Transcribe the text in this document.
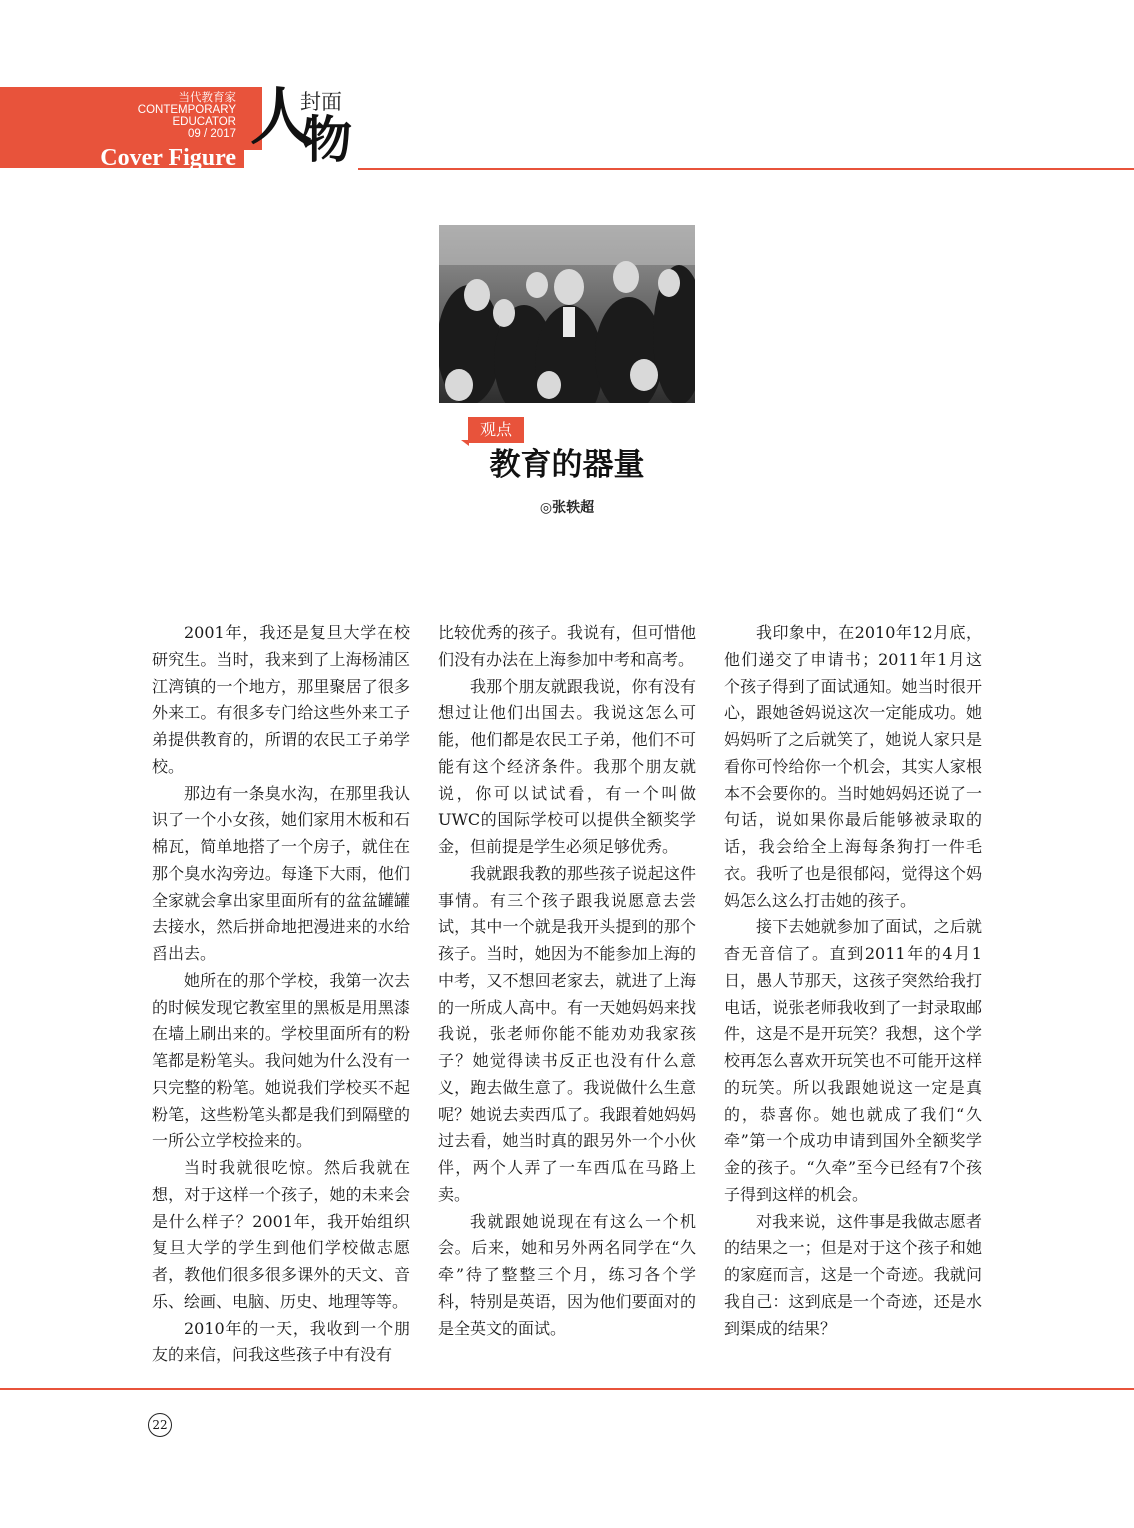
当代教育家
CONTEMPORARY
EDUCATOR
09 / 2017
Cover Figure
人
封面
物
观点
教育的器量
◎张轶超

2001年，我还是复旦大学在校研究生。当时，我来到了上海杨浦区江湾镇的一个地方，那里聚居了很多外来工。有很多专门给这些外来工子弟提供教育的，所谓的农民工子弟学校。

那边有一条臭水沟，在那里我认识了一个小女孩，她们家用木板和石棉瓦，简单地搭了一个房子，就住在那个臭水沟旁边。每逢下大雨，他们全家就会拿出家里面所有的盆盆罐罐去接水，然后拼命地把漫进来的水给舀出去。

她所在的那个学校，我第一次去的时候发现它教室里的黑板是用黑漆在墙上刷出来的。学校里面所有的粉笔都是粉笔头。我问她为什么没有一只完整的粉笔。她说我们学校买不起粉笔，这些粉笔头都是我们到隔壁的一所公立学校捡来的。

当时我就很吃惊。然后我就在想，对于这样一个孩子，她的未来会是什么样子？2001年，我开始组织复旦大学的学生到他们学校做志愿者，教他们很多很多课外的天文、音乐、绘画、电脑、历史、地理等等。

2010年的一天，我收到一个朋友的来信，问我这些孩子中有没有

比较优秀的孩子。我说有，但可惜他们没有办法在上海参加中考和高考。

我那个朋友就跟我说，你有没有想过让他们出国去。我说这怎么可能，他们都是农民工子弟，他们不可能有这个经济条件。我那个朋友就说，你可以试试看，有一个叫做UWC的国际学校可以提供全额奖学金，但前提是学生必须足够优秀。

我就跟我教的那些孩子说起这件事情。有三个孩子跟我说愿意去尝试，其中一个就是我开头提到的那个孩子。当时，她因为不能参加上海的中考，又不想回老家去，就进了上海的一所成人高中。有一天她妈妈来找我说，张老师你能不能劝劝我家孩子？她觉得读书反正也没有什么意义，跑去做生意了。我说做什么生意呢？她说去卖西瓜了。我跟着她妈妈过去看，她当时真的跟另外一个小伙伴，两个人弄了一车西瓜在马路上卖。

我就跟她说现在有这么一个机会。后来，她和另外两名同学在“久牵”待了整整三个月，练习各个学科，特别是英语，因为他们要面对的是全英文的面试。

我印象中，在2010年12月底，他们递交了申请书；2011年1月这个孩子得到了面试通知。她当时很开心，跟她爸妈说这次一定能成功。她妈妈听了之后就笑了，她说人家只是看你可怜给你一个机会，其实人家根本不会要你的。当时她妈妈还说了一句话，说如果你最后能够被录取的话，我会给全上海每条狗打一件毛衣。我听了也是很郁闷，觉得这个妈妈怎么这么打击她的孩子。

接下去她就参加了面试，之后就杳无音信了。直到2011年的4月1日，愚人节那天，这孩子突然给我打电话，说张老师我收到了一封录取邮件，这是不是开玩笑？我想，这个学校再怎么喜欢开玩笑也不可能开这样的玩笑。所以我跟她说这一定是真的，恭喜你。她也就成了我们“久牵”第一个成功申请到国外全额奖学金的孩子。“久牵”至今已经有7个孩子得到这样的机会。

对我来说，这件事是我做志愿者的结果之一；但是对于这个孩子和她的家庭而言，这是一个奇迹。我就问我自己：这到底是一个奇迹，还是水到渠成的结果？

22
